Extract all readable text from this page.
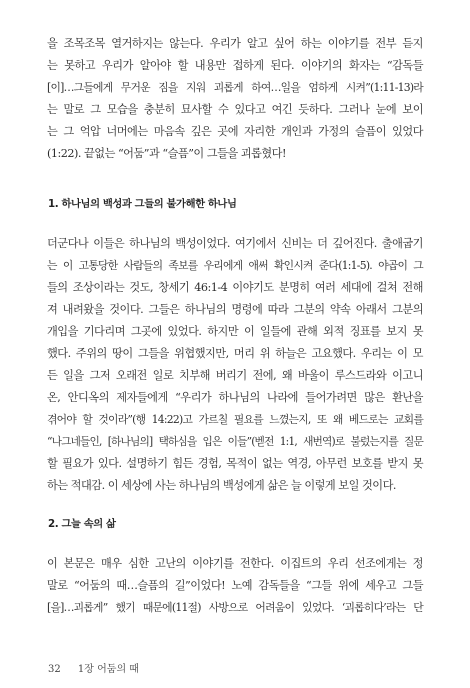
을 조목조목 열거하지는 않는다. 우리가 알고 싶어 하는 이야기를 전부 듣지
는 못하고 우리가 알아야 할 내용만 접하게 된다. 이야기의 화자는 “감독들
[이]…그들에게 무거운 짐을 지워 괴롭게 하여…일을 엄하게 시켜”(1:11-13)라
는 말로 그 모습을 충분히 묘사할 수 있다고 여긴 듯하다. 그러나 눈에 보이
는 그 억압 너머에는 마음속 깊은 곳에 자리한 개인과 가정의 슬픔이 있었다
(1:22). 끝없는 “어둠”과 “슬픔”이 그들을 괴롭혔다!
1. 하나님의 백성과 그들의 불가해한 하나님
더군다나 이들은 하나님의 백성이었다. 여기에서 신비는 더 깊어진다. 출애굽기
는 이 고통당한 사람들의 족보를 우리에게 애써 확인시켜 준다(1:1-5). 야곱이 그
들의 조상이라는 것도, 창세기 46:1-4 이야기도 분명히 여러 세대에 걸쳐 전해
져 내려왔을 것이다. 그들은 하나님의 명령에 따라 그분의 약속 아래서 그분의
개입을 기다리며 그곳에 있었다. 하지만 이 일들에 관해 외적 징표를 보지 못
했다. 주위의 땅이 그들을 위협했지만, 머리 위 하늘은 고요했다. 우리는 이 모
든 일을 그저 오래전 일로 치부해 버리기 전에, 왜 바울이 루스드라와 이고니
온, 안디옥의 제자들에게 “우리가 하나님의 나라에 들어가려면 많은 환난을
겪어야 할 것이라”(행 14:22)고 가르칠 필요를 느꼈는지, 또 왜 베드로는 교회를
“나그네들인, [하나님의] 택하심을 입은 이들”(벧전 1:1, 새번역)로 불렀는지를 질문
할 필요가 있다. 설명하기 힘든 경험, 목적이 없는 역경, 아무런 보호를 받지 못
하는 적대감. 이 세상에 사는 하나님의 백성에게 삶은 늘 이렇게 보일 것이다.
2. 그늘 속의 삶
이 본문은 매우 심한 고난의 이야기를 전한다. 이집트의 우리 선조에게는 정
말로 “어둠의 때…슬픔의 길”이었다! 노예 감독들을 “그들 위에 세우고 그들
[을]…괴롭게” 했기 때문에(11절) 사방으로 어려움이 있었다. ‘괴롭히다’라는 단
32 1장 어둠의 때
